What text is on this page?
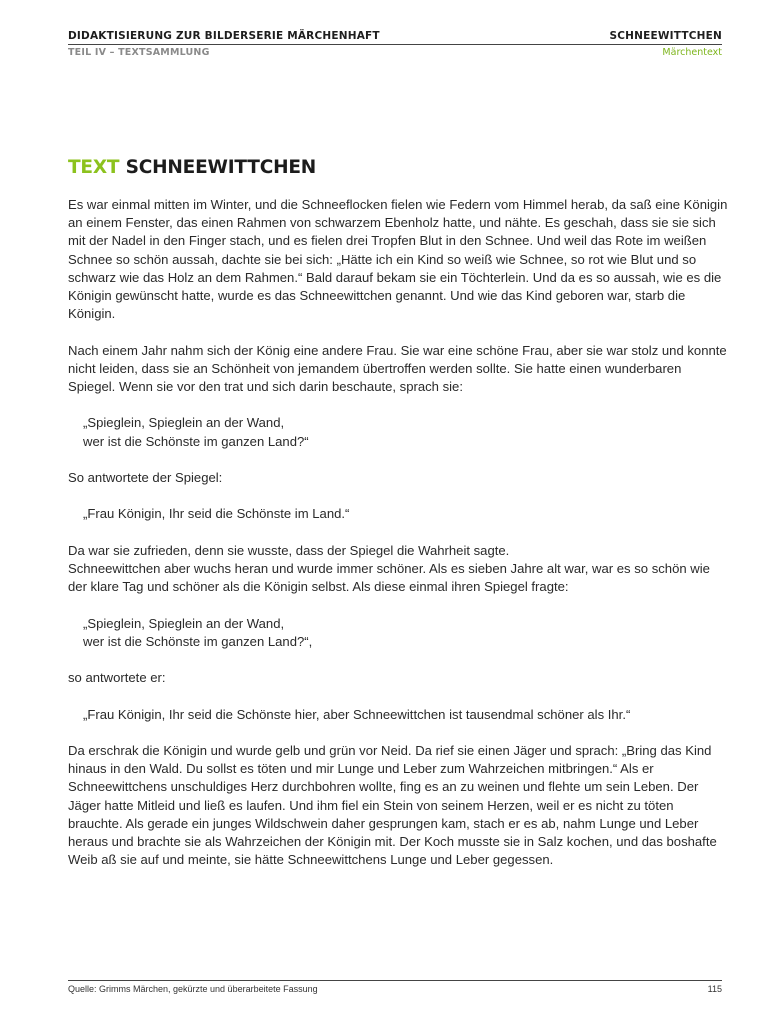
DIDAKTISIERUNG ZUR BILDERSERIE MÄRCHENHAFT	SCHNEEWITTCHEN
TEIL IV – TEXTSAMMLUNG	Märchentext
TEXT SCHNEEWITTCHEN

Es war einmal mitten im Winter, und die Schneeflocken fielen wie Federn vom Himmel herab, da saß eine Königin an einem Fenster, das einen Rahmen von schwarzem Ebenholz hatte, und nähte. Es geschah, dass sie sie sich mit der Nadel in den Finger stach, und es fielen drei Tropfen Blut in den Schnee. Und weil das Rote im weißen Schnee so schön aussah, dachte sie bei sich: „Hätte ich ein Kind so weiß wie Schnee, so rot wie Blut und so schwarz wie das Holz an dem Rahmen.“ Bald darauf bekam sie ein Töchterlein. Und da es so aussah, wie es die Königin gewünscht hatte, wurde es das Schneewittchen genannt. Und wie das Kind geboren war, starb die Königin.

Nach einem Jahr nahm sich der König eine andere Frau. Sie war eine schöne Frau, aber sie war stolz und konnte nicht leiden, dass sie an Schönheit von jemandem übertroffen werden sollte. Sie hatte einen wunderbaren Spiegel. Wenn sie vor den trat und sich darin beschaute, sprach sie:

„Spieglein, Spieglein an der Wand,
wer ist die Schönste im ganzen Land?“

So antwortete der Spiegel:

„Frau Königin, Ihr seid die Schönste im Land.“

Da war sie zufrieden, denn sie wusste, dass der Spiegel die Wahrheit sagte.
Schneewittchen aber wuchs heran und wurde immer schöner. Als es sieben Jahre alt war, war es so schön wie der klare Tag und schöner als die Königin selbst. Als diese einmal ihren Spiegel fragte:

„Spieglein, Spieglein an der Wand,
wer ist die Schönste im ganzen Land?“,

so antwortete er:

„Frau Königin, Ihr seid die Schönste hier, aber Schneewittchen ist tausendmal schöner als Ihr.“

Da erschrak die Königin und wurde gelb und grün vor Neid. Da rief sie einen Jäger und sprach: „Bring das Kind hinaus in den Wald. Du sollst es töten und mir Lunge und Leber zum Wahrzeichen mitbringen.“ Als er Schneewittchens unschuldiges Herz durchbohren wollte, fing es an zu weinen und flehte um sein Leben. Der Jäger hatte Mitleid und ließ es laufen. Und ihm fiel ein Stein von seinem Herzen, weil er es nicht zu töten brauchte. Als gerade ein junges Wildschwein daher gesprungen kam, stach er es ab, nahm Lunge und Leber heraus und brachte sie als Wahrzeichen der Königin mit. Der Koch musste sie in Salz kochen, und das boshafte Weib aß sie auf und meinte, sie hätte Schneewittchens Lunge und Leber gegessen.

Quelle: Grimms Märchen, gekürzte und überarbeitete Fassung	115
